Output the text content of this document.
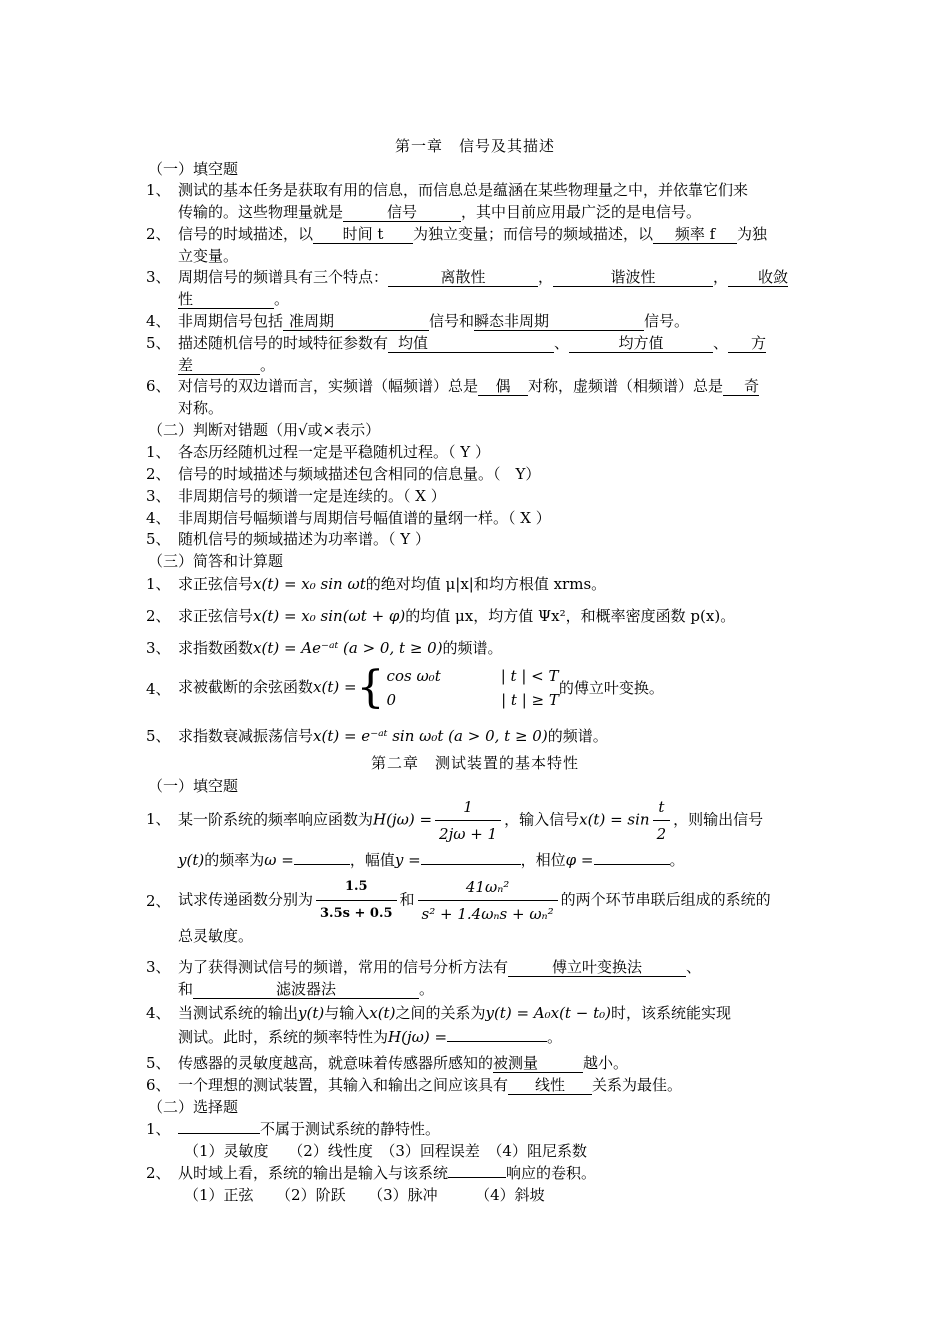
第一章　信号及其描述
（一）填空题
1、 测试的基本任务是获取有用的信息，而信息总是蕴涵在某些物理量之中，并依靠它们来
传输的。这些物理量就是	信号	，其中目前应用最广泛的是电信号。
2、 信号的时域描述，以 时间 t 为独立变量；而信号的频域描述，以 频率 f 为独
立变量。
3、 周期信号的频谱具有三个特点：	离散性	，	谐波性	， 收敛
性	。
4、 非周期信号包括 准周期	信号和瞬态非周期	信号。
5、 描述随机信号的时域特征参数有 均值	、	均方值	、 方
差	。
6、 对信号的双边谱而言，实频谱（幅频谱）总是 偶 对称，虚频谱（相频谱）总是 奇
对称。
（二）判断对错题（用√或×表示）
1、 各态历经随机过程一定是平稳随机过程。（ Y ）
2、 信号的时域描述与频域描述包含相同的信息量。（　Y）
3、 非周期信号的频谱一定是连续的。（ X ）
4、 非周期信号幅频谱与周期信号幅值谱的量纲一样。（ X ）
5、 随机信号的频域描述为功率谱。（ Y ）
（三）简答和计算题
1、 求正弦信号x(t) = x₀ sin ωt的绝对均值 μ|x|和均方根值 xrms。
2、 求正弦信号x(t) = x₀ sin(ωt + φ)的均值 μx，均方值 Ψx²，和概率密度函数 p(x)。
3、 求指数函数x(t) = Ae⁻ᵃᵗ (a > 0, t ≥ 0)的频谱。
4、 求被截断的余弦函数x(t) ={ cos ω₀t　　　　| t | < T
0　　　　　　　| t | ≥ T
的傅立叶变换。
5、 求指数衰减振荡信号x(t) = e⁻ᵃᵗ sin ω₀t (a > 0, t ≥ 0)的频谱。
第二章　测试装置的基本特性
（一）填空题
1、 某一阶系统的频率响应函数为$H(j\omega) = \frac{1}{2j\omega + 1}$ ，输入信号$x(t) = \sin \frac{t}{2}$ ，则输出信号
y(t)的频率为ω =	，幅值y =	，相位φ =	。
2、 试求传递函数分别为 $\frac{1.5}{3.5s + 0.5}$ 和 $\frac{\text{41ωₙ²}}{\text{s² + 1.4ωₙs + ωₙ²}}$ 的两个环节串联后组成的系统的
总灵敏度。
3、 为了获得测试信号的频谱，常用的信号分析方法有	傅立叶变换法	、
和	滤波器法	。
4、 当测试系统的输出y(t)与输入x(t)之间的关系为y(t) = A₀x(t − t₀)时，该系统能实现
测试。此时，系统的频率特性为H(jω) =	。
5、 传感器的灵敏度越高，就意味着传感器所感知的被测量	越小。
6、 一个理想的测试装置，其输入和输出之间应该具有 线性 关系为最佳。
（二）选择题
1、	不属于测试系统的静特性。
（1）灵敏度　 （2）线性度　（3）回程误差　（4）阻尼系数
2、 从时域上看，系统的输出是输入与该系统	响应的卷积。
（1）正弦　　（2）阶跃　　（3）脉冲　　　（4）斜坡
